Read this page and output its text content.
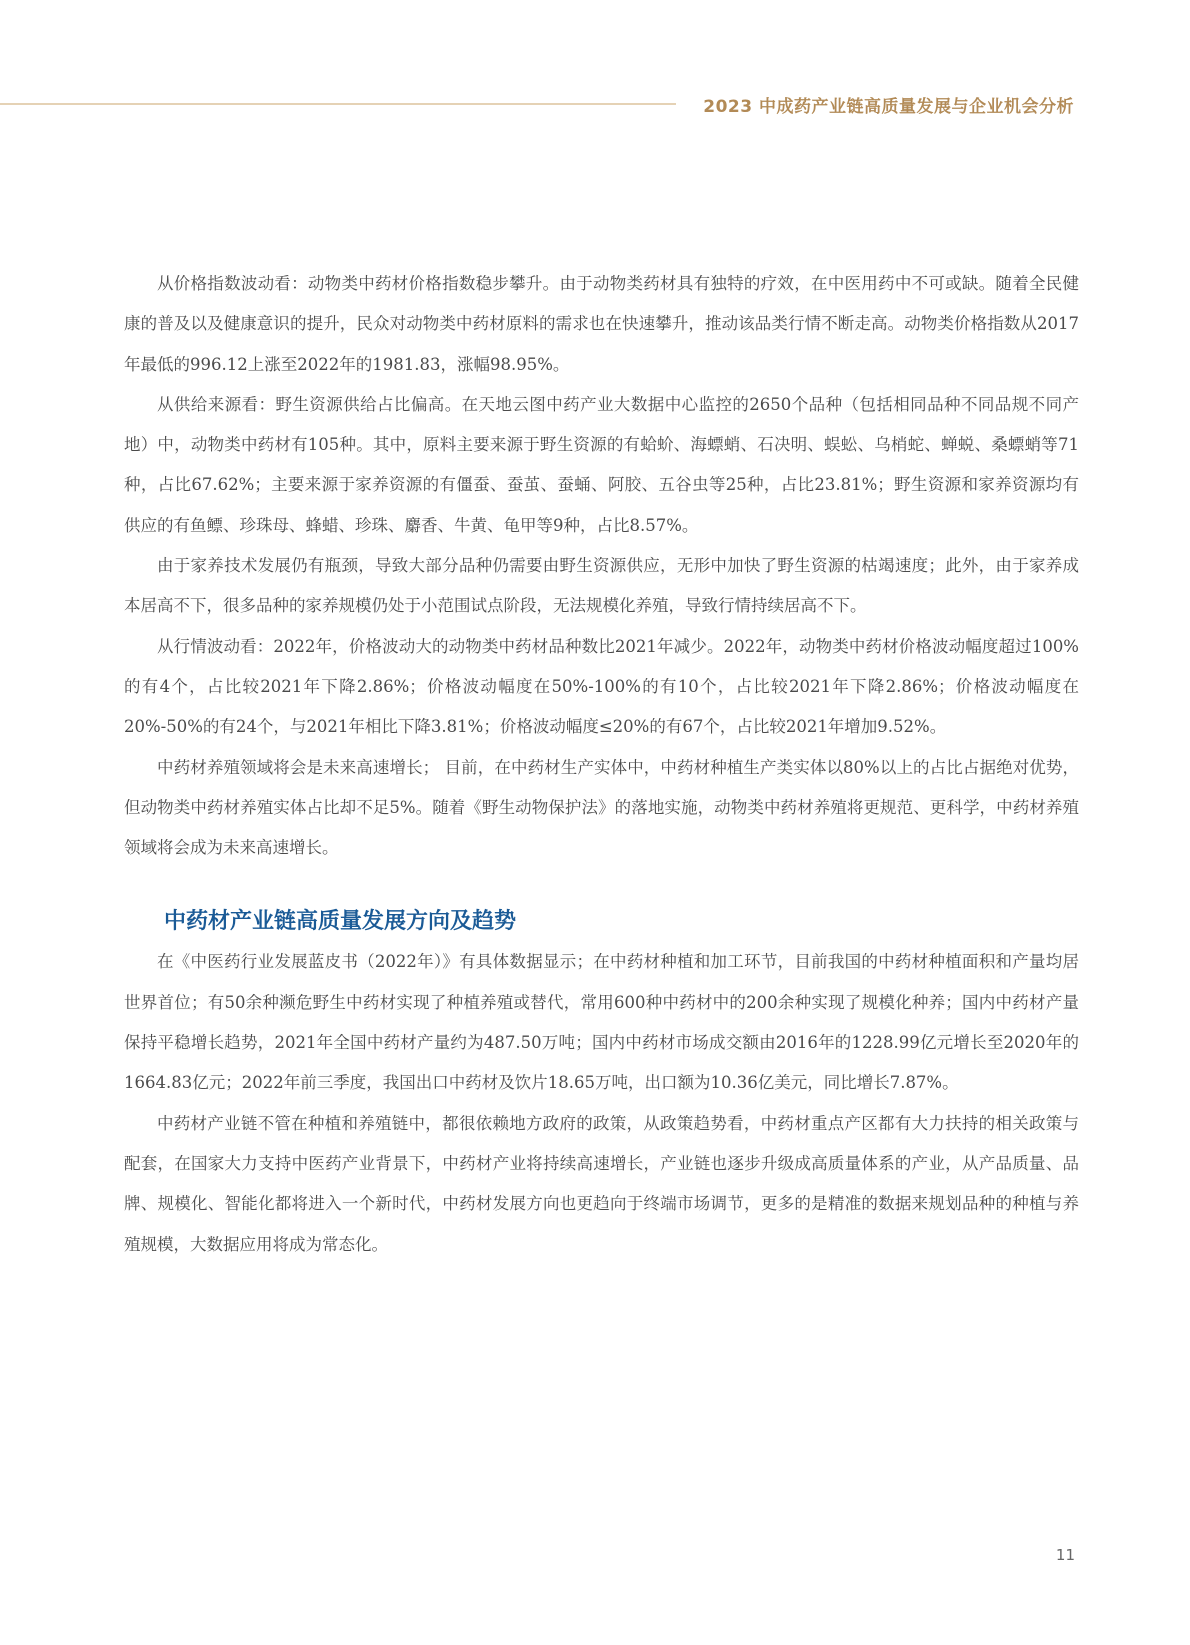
2023 中成药产业链高质量发展与企业机会分析

从价格指数波动看：动物类中药材价格指数稳步攀升。由于动物类药材具有独特的疗效，在中医用药中不可或缺。随着全民健康的普及以及健康意识的提升，民众对动物类中药材原料的需求也在快速攀升，推动该品类行情不断走高。动物类价格指数从2017年最低的996.12上涨至2022年的1981.83，涨幅98.95%。

从供给来源看：野生资源供给占比偏高。在天地云图中药产业大数据中心监控的2650个品种（包括相同品种不同品规不同产地）中，动物类中药材有105种。其中，原料主要来源于野生资源的有蛤蚧、海螵蛸、石决明、蜈蚣、乌梢蛇、蝉蜕、桑螵蛸等71种，占比67.62%；主要来源于家养资源的有僵蚕、蚕茧、蚕蛹、阿胶、五谷虫等25种，占比23.81%；野生资源和家养资源均有供应的有鱼鳔、珍珠母、蜂蜡、珍珠、麝香、牛黄、龟甲等9种，占比8.57%。

由于家养技术发展仍有瓶颈，导致大部分品种仍需要由野生资源供应，无形中加快了野生资源的枯竭速度；此外，由于家养成本居高不下，很多品种的家养规模仍处于小范围试点阶段，无法规模化养殖，导致行情持续居高不下。

从行情波动看：2022年，价格波动大的动物类中药材品种数比2021年减少。2022年，动物类中药材价格波动幅度超过100%的有4个，占比较2021年下降2.86%；价格波动幅度在50%-100%的有10个，占比较2021年下降2.86%；价格波动幅度在20%-50%的有24个，与2021年相比下降3.81%；价格波动幅度≤20%的有67个，占比较2021年增加9.52%。

中药材养殖领域将会是未来高速增长； 目前，在中药材生产实体中，中药材种植生产类实体以80%以上的占比占据绝对优势，但动物类中药材养殖实体占比却不足5%。随着《野生动物保护法》的落地实施，动物类中药材养殖将更规范、更科学，中药材养殖领域将会成为未来高速增长。

中药材产业链高质量发展方向及趋势

在《中医药行业发展蓝皮书（2022年）》有具体数据显示；在中药材种植和加工环节，目前我国的中药材种植面积和产量均居世界首位；有50余种濒危野生中药材实现了种植养殖或替代，常用600种中药材中的200余种实现了规模化种养；国内中药材产量保持平稳增长趋势，2021年全国中药材产量约为487.50万吨；国内中药材市场成交额由2016年的1228.99亿元增长至2020年的1664.83亿元；2022年前三季度，我国出口中药材及饮片18.65万吨，出口额为10.36亿美元，同比增长7.87%。

中药材产业链不管在种植和养殖链中，都很依赖地方政府的政策，从政策趋势看，中药材重点产区都有大力扶持的相关政策与配套，在国家大力支持中医药产业背景下，中药材产业将持续高速增长，产业链也逐步升级成高质量体系的产业，从产品质量、品牌、规模化、智能化都将进入一个新时代，中药材发展方向也更趋向于终端市场调节，更多的是精准的数据来规划品种的种植与养殖规模，大数据应用将成为常态化。

11
